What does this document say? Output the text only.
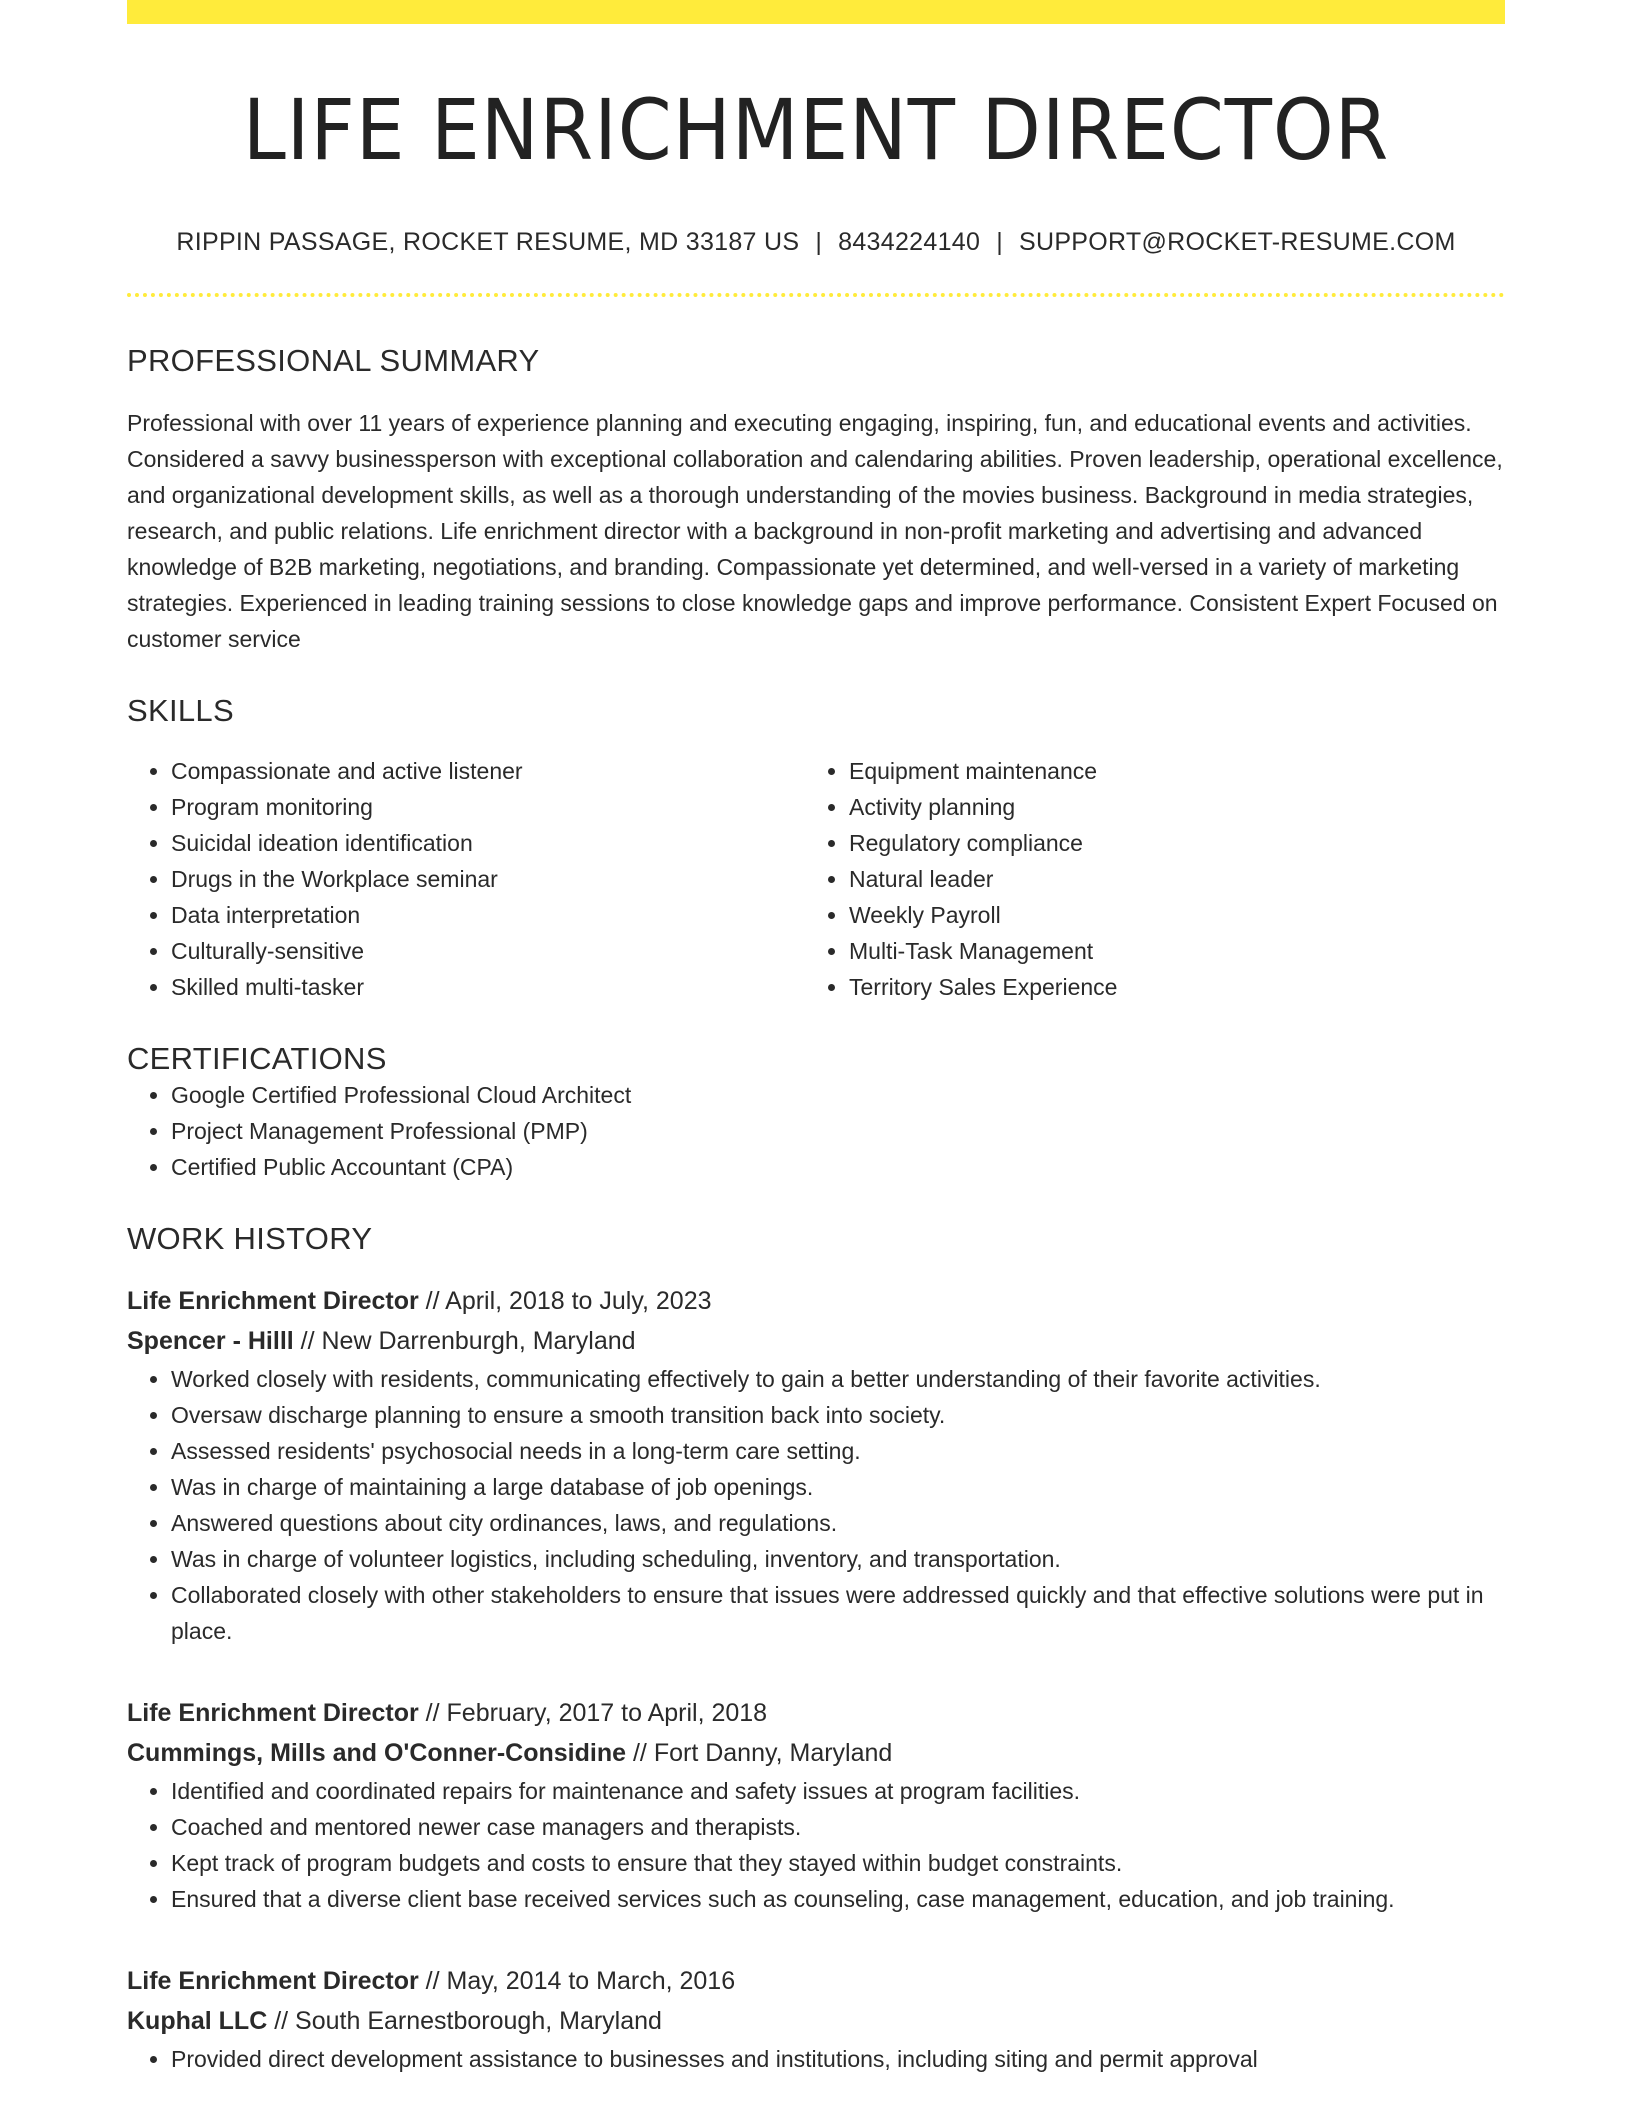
LIFE ENRICHMENT DIRECTOR
RIPPIN PASSAGE, ROCKET RESUME, MD 33187 US | 8434224140 | SUPPORT@ROCKET-RESUME.COM
PROFESSIONAL SUMMARY
Professional with over 11 years of experience planning and executing engaging, inspiring, fun, and educational events and activities. Considered a savvy businessperson with exceptional collaboration and calendaring abilities. Proven leadership, operational excellence, and organizational development skills, as well as a thorough understanding of the movies business. Background in media strategies, research, and public relations. Life enrichment director with a background in non-profit marketing and advertising and advanced knowledge of B2B marketing, negotiations, and branding. Compassionate yet determined, and well-versed in a variety of marketing strategies. Experienced in leading training sessions to close knowledge gaps and improve performance. Consistent Expert Focused on customer service
SKILLS
• Compassionate and active listener
• Program monitoring
• Suicidal ideation identification
• Drugs in the Workplace seminar
• Data interpretation
• Culturally-sensitive
• Skilled multi-tasker
• Equipment maintenance
• Activity planning
• Regulatory compliance
• Natural leader
• Weekly Payroll
• Multi-Task Management
• Territory Sales Experience
CERTIFICATIONS
• Google Certified Professional Cloud Architect
• Project Management Professional (PMP)
• Certified Public Accountant (CPA)
WORK HISTORY
Life Enrichment Director // April, 2018 to July, 2023
Spencer - Hilll // New Darrenburgh, Maryland
• Worked closely with residents, communicating effectively to gain a better understanding of their favorite activities.
• Oversaw discharge planning to ensure a smooth transition back into society.
• Assessed residents' psychosocial needs in a long-term care setting.
• Was in charge of maintaining a large database of job openings.
• Answered questions about city ordinances, laws, and regulations.
• Was in charge of volunteer logistics, including scheduling, inventory, and transportation.
• Collaborated closely with other stakeholders to ensure that issues were addressed quickly and that effective solutions were put in place.
Life Enrichment Director // February, 2017 to April, 2018
Cummings, Mills and O'Conner-Considine // Fort Danny, Maryland
• Identified and coordinated repairs for maintenance and safety issues at program facilities.
• Coached and mentored newer case managers and therapists.
• Kept track of program budgets and costs to ensure that they stayed within budget constraints.
• Ensured that a diverse client base received services such as counseling, case management, education, and job training.
Life Enrichment Director // May, 2014 to March, 2016
Kuphal LLC // South Earnestborough, Maryland
• Provided direct development assistance to businesses and institutions, including siting and permit approval
